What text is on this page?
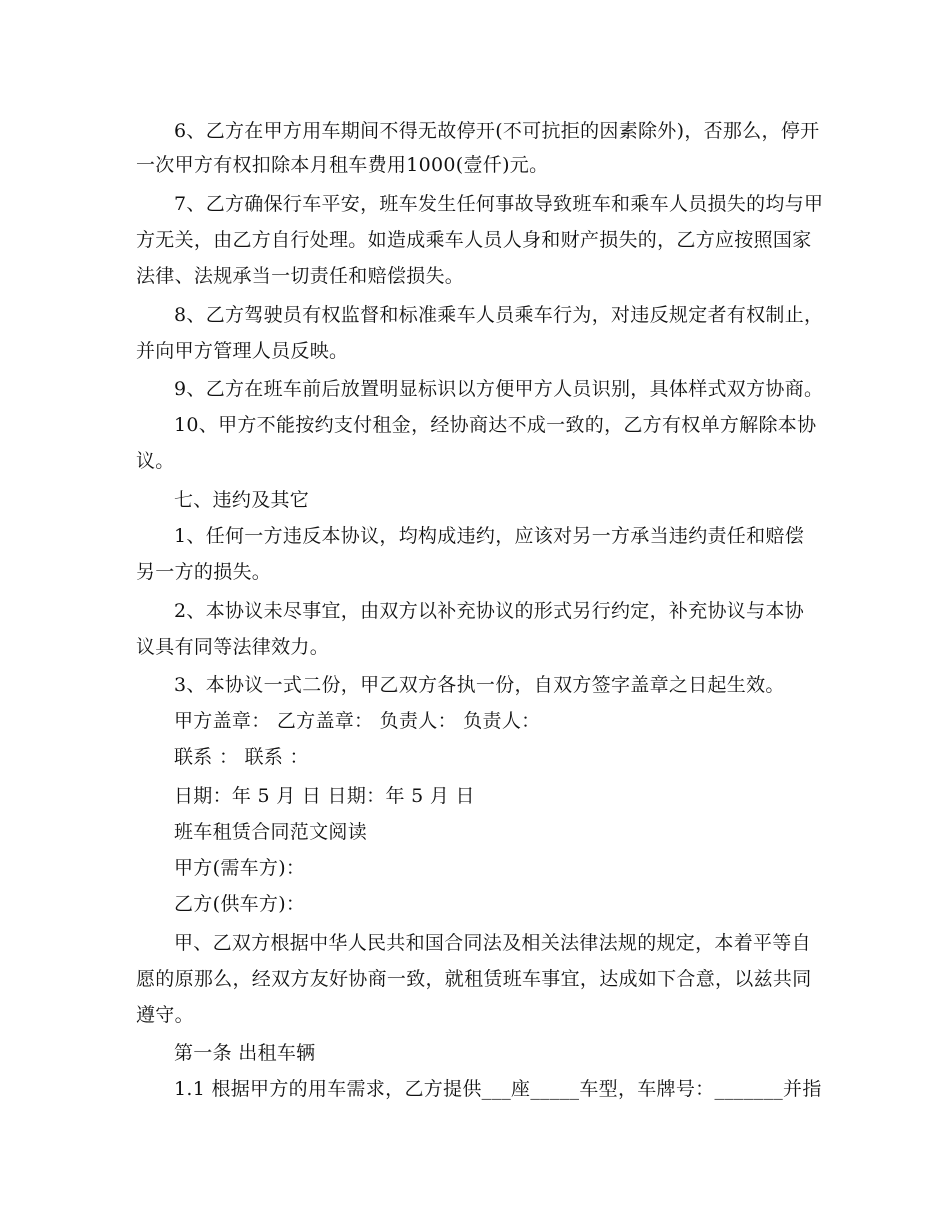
6、乙方在甲方用车期间不得无故停开(不可抗拒的因素除外)，否那么，停开
一次甲方有权扣除本月租车费用1000(壹仟)元。
7、乙方确保行车平安，班车发生任何事故导致班车和乘车人员损失的均与甲
方无关，由乙方自行处理。如造成乘车人员人身和财产损失的，乙方应按照国家
法律、法规承当一切责任和赔偿损失。
8、乙方驾驶员有权监督和标准乘车人员乘车行为，对违反规定者有权制止，
并向甲方管理人员反映。
9、乙方在班车前后放置明显标识以方便甲方人员识别，具体样式双方协商。
10、甲方不能按约支付租金，经协商达不成一致的，乙方有权单方解除本协
议。
七、违约及其它
1、任何一方违反本协议，均构成违约，应该对另一方承当违约责任和赔偿
另一方的损失。
2、本协议未尽事宜，由双方以补充协议的形式另行约定，补充协议与本协
议具有同等法律效力。
3、本协议一式二份，甲乙双方各执一份，自双方签字盖章之日起生效。
甲方盖章： 乙方盖章： 负责人： 负责人：
联系 ： 联系 ：
日期：年 5 月 日 日期：年 5 月 日
班车租赁合同范文阅读
甲方(需车方)：
乙方(供车方)：
甲、乙双方根据中华人民共和国合同法及相关法律法规的规定，本着平等自
愿的原那么，经双方友好协商一致，就租赁班车事宜，达成如下合意，以兹共同
遵守。
第一条 出租车辆
1.1 根据甲方的用车需求，乙方提供___座_____车型，车牌号：_______并指
